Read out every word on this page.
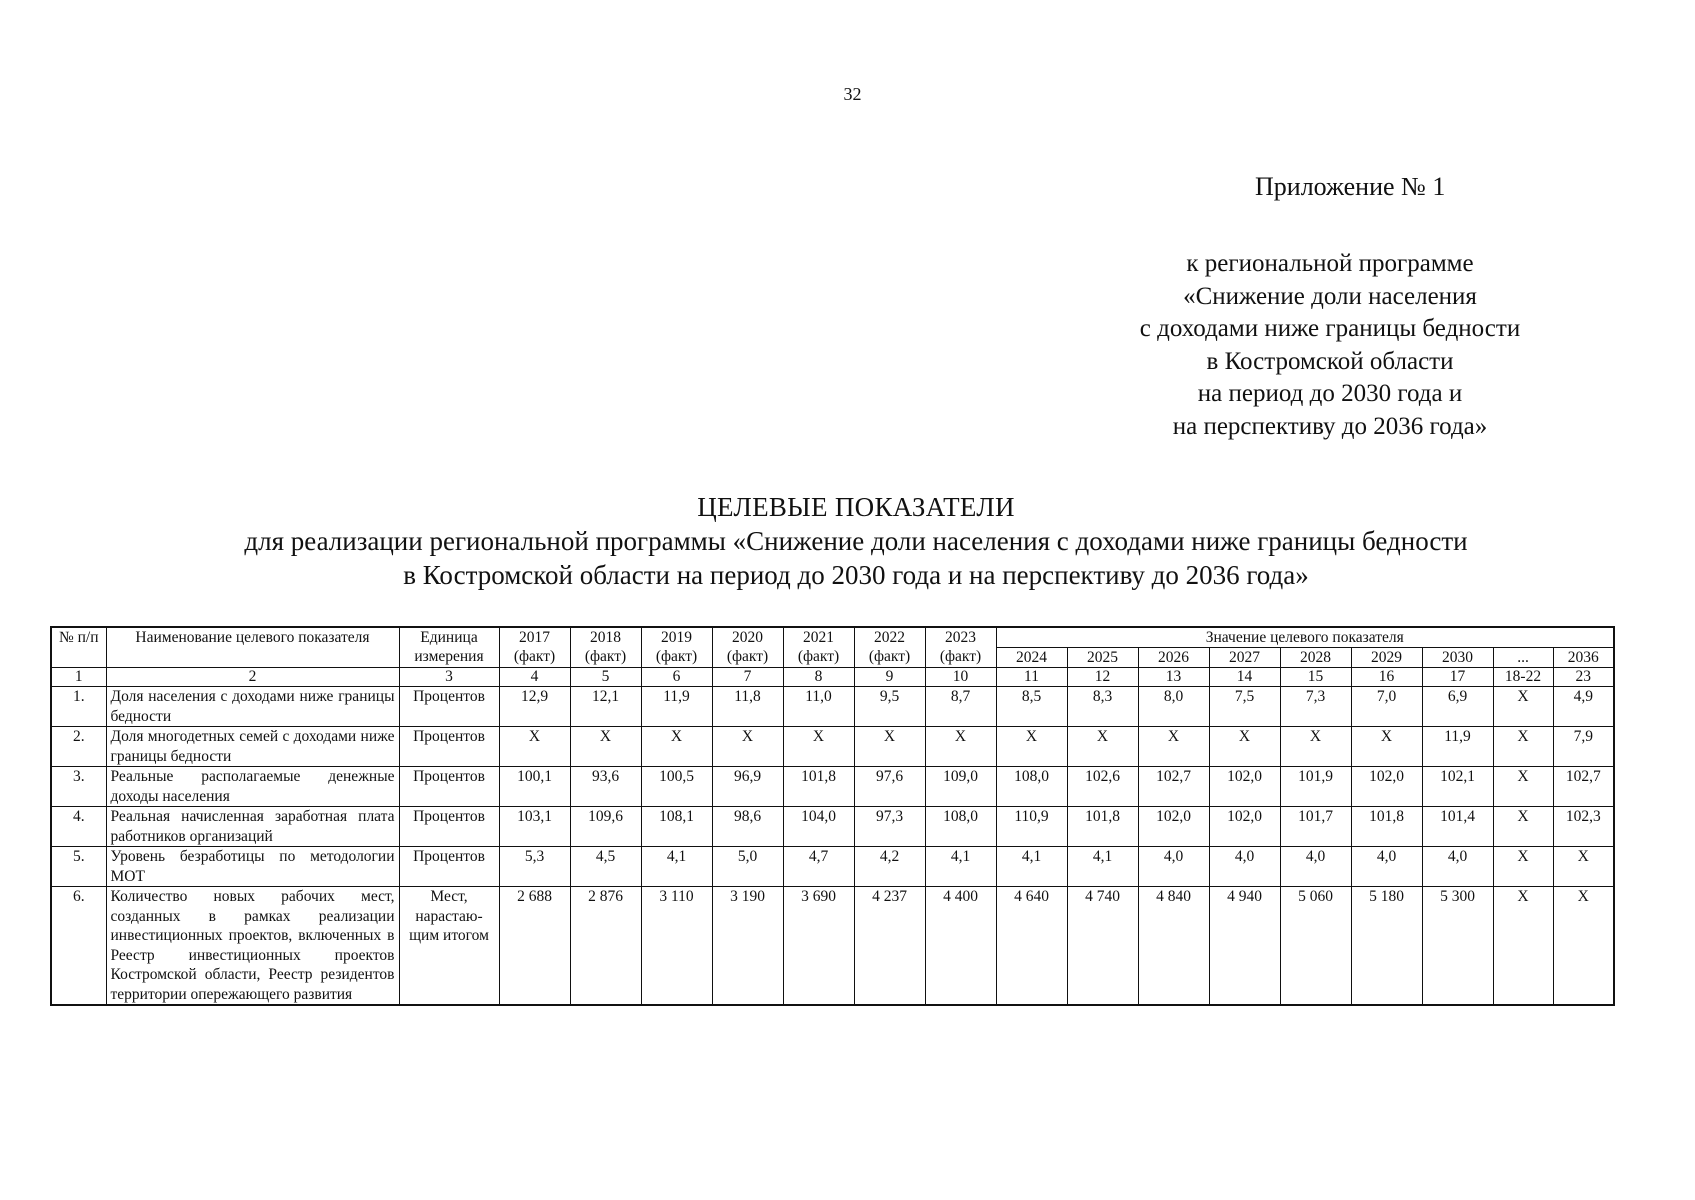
32
Приложение № 1
к региональной программе
«Снижение доли населения
с доходами ниже границы бедности
в Костромской области
на период до 2030 года и
на перспективу до 2036 года»
ЦЕЛЕВЫЕ ПОКАЗАТЕЛИ
для реализации региональной программы «Снижение доли населения с доходами ниже границы бедности
в Костромской области на период до 2030 года и на перспективу до 2036 года»
№ п/п	Наименование целевого показателя	Единица измерения	2017 (факт)	2018 (факт)	2019 (факт)	2020 (факт)	2021 (факт)	2022 (факт)	2023 (факт)	Значение целевого показателя								
										2024	2025	2026	2027	2028	2029	2030	...	2036
1	2	3	4	5	6	7	8	9	10	11	12	13	14	15	16	17	18-22	23
1.	Доля населения с доходами ниже границы бедности	Процентов	12,9	12,1	11,9	11,8	11,0	9,5	8,7	8,5	8,3	8,0	7,5	7,3	7,0	6,9	X	4,9
2.	Доля многодетных семей с доходами ниже границы бедности	Процентов	X	X	X	X	X	X	X	X	X	X	X	X	X	11,9	X	7,9
3.	Реальные располагаемые денежные доходы населения	Процентов	100,1	93,6	100,5	96,9	101,8	97,6	109,0	108,0	102,6	102,7	102,0	101,9	102,0	102,1	X	102,7
4.	Реальная начисленная заработная плата работников организаций	Процентов	103,1	109,6	108,1	98,6	104,0	97,3	108,0	110,9	101,8	102,0	102,0	101,7	101,8	101,4	X	102,3
5.	Уровень безработицы по методологии МОТ	Процентов	5,3	4,5	4,1	5,0	4,7	4,2	4,1	4,1	4,1	4,0	4,0	4,0	4,0	4,0	X	X
6.	Количество новых рабочих мест, созданных в рамках реализации инвестиционных проектов, включенных в Реестр инвестиционных проектов Костромской области, Реестр резидентов территории опережающего развития	Мест, нарастаю-щим итогом	2 688	2 876	3 110	3 190	3 690	4 237	4 400	4 640	4 740	4 840	4 940	5 060	5 180	5 300	X	X
